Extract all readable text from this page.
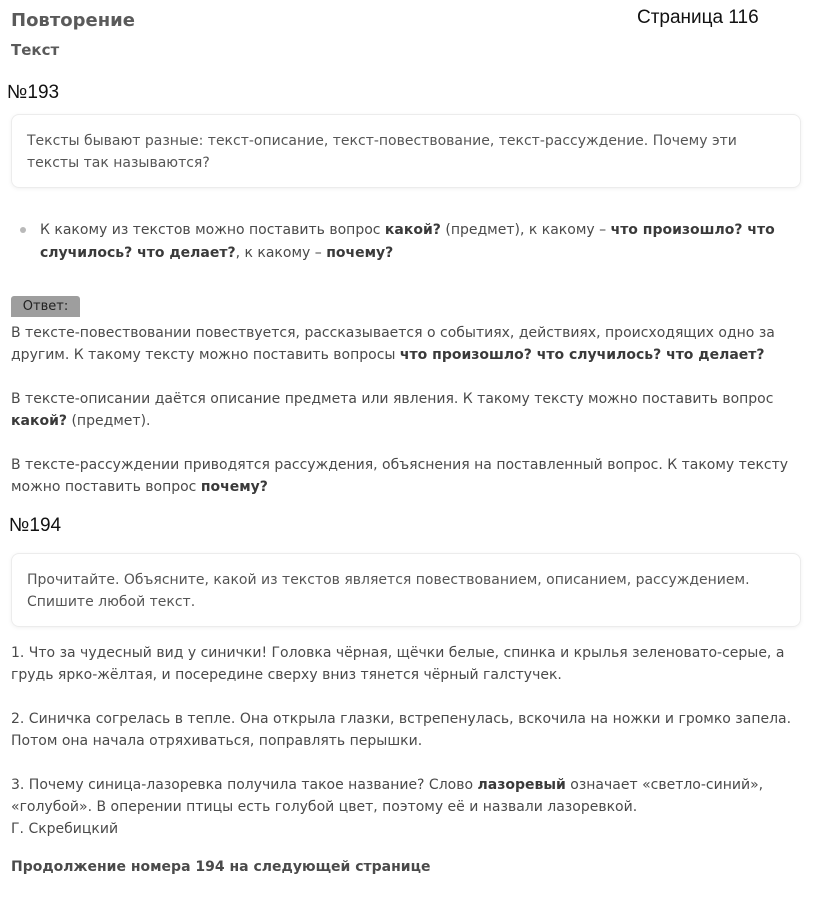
Повторение	Страница 116
Текст
№193
Тексты бывают разные: текст-описание, текст-повествование, текст-рассуждение. Почему эти тексты так называются?
К какому из текстов можно поставить вопрос какой? (предмет), к какому – что произошло? что случилось? что делает?, к какому – почему?
Ответ:
В тексте-повествовании повествуется, рассказывается о событиях, действиях, происходящих одно за другим. К такому тексту можно поставить вопросы что произошло? что случилось? что делает?
В тексте-описании даётся описание предмета или явления. К такому тексту можно поставить вопрос какой? (предмет).
В тексте-рассуждении приводятся рассуждения, объяснения на поставленный вопрос. К такому тексту можно поставить вопрос почему?
№194
Прочитайте. Объясните, какой из текстов является повествованием, описанием, рассуждением. Спишите любой текст.
1. Что за чудесный вид у синички! Головка чёрная, щёчки белые, спинка и крылья зеленовато-серые, а грудь ярко-жёлтая, и посередине сверху вниз тянется чёрный галстучек.
2. Синичка согрелась в тепле. Она открыла глазки, встрепенулась, вскочила на ножки и громко запела. Потом она начала отряхиваться, поправлять перышки.
3. Почему синица-лазоревка получила такое название? Слово лазоревый означает «светло-синий», «голубой». В оперении птицы есть голубой цвет, поэтому её и назвали лазоревкой.
Г. Скребицкий
Продолжение номера 194 на следующей странице
